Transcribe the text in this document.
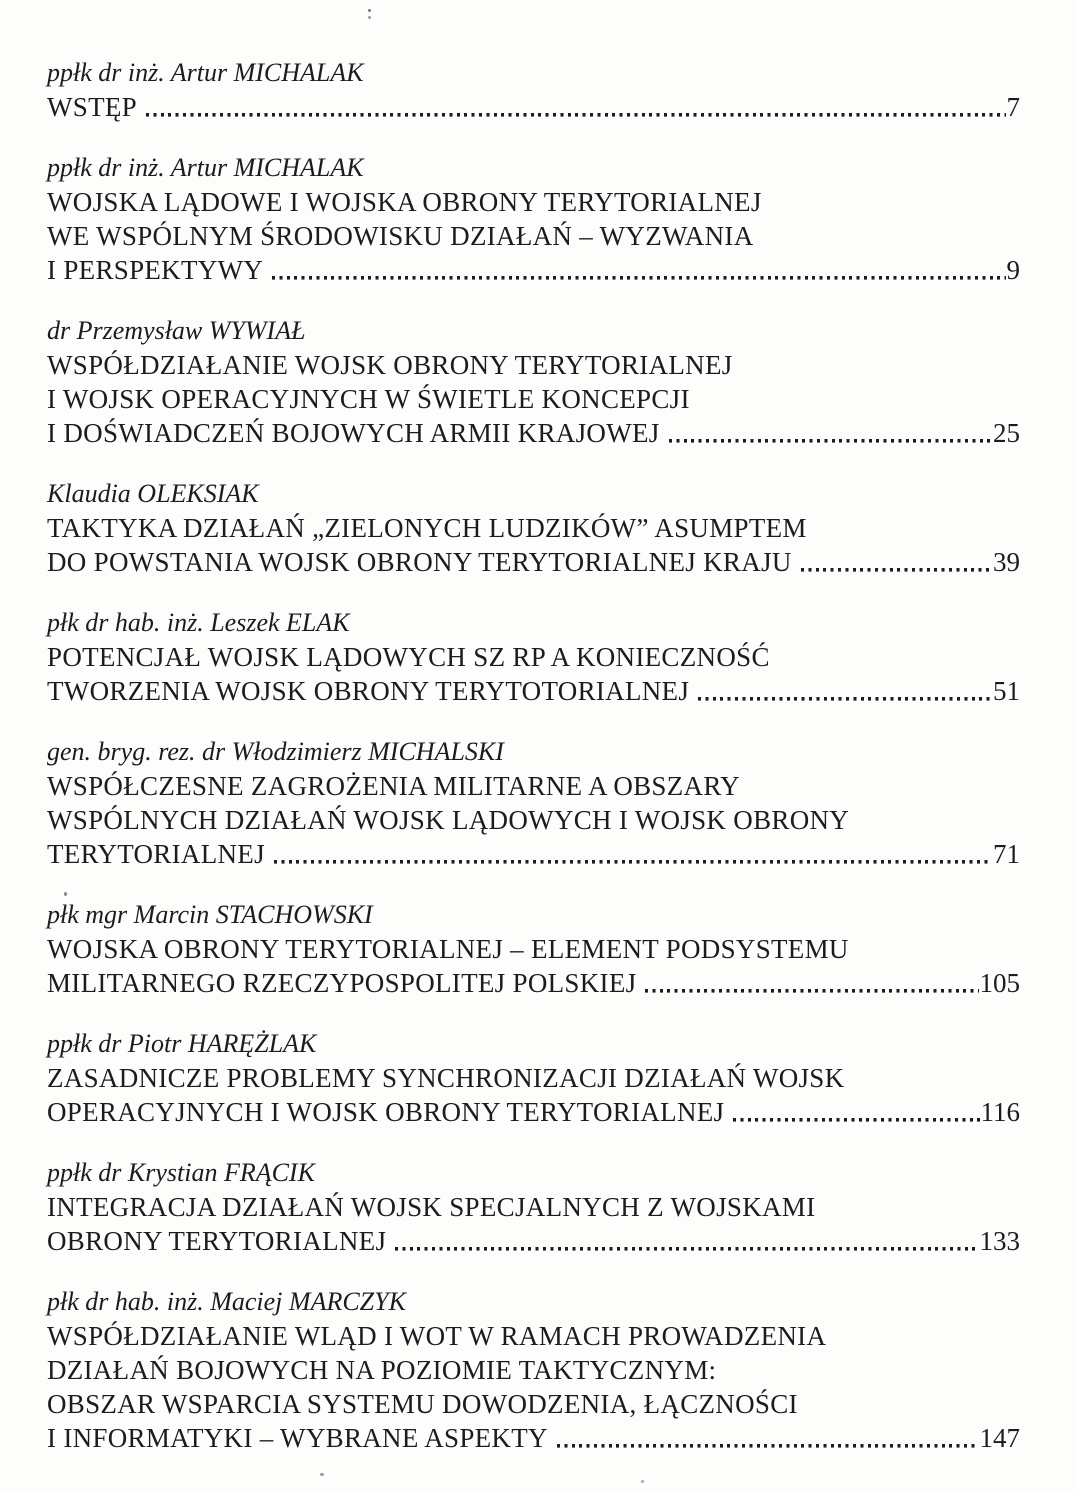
ppłk dr inż. Artur MICHALAK
WSTĘP	7
ppłk dr inż. Artur MICHALAK
WOJSKA LĄDOWE I WOJSKA OBRONY TERYTORIALNEJ
WE WSPÓLNYM ŚRODOWISKU DZIAŁAŃ – WYZWANIA
I PERSPEKTYWY	9
dr Przemysław WYWIAŁ
WSPÓŁDZIAŁANIE WOJSK OBRONY TERYTORIALNEJ
I WOJSK OPERACYJNYCH W ŚWIETLE KONCEPCJI
I DOŚWIADCZEŃ BOJOWYCH ARMII KRAJOWEJ	25
Klaudia OLEKSIAK
TAKTYKA DZIAŁAŃ „ZIELONYCH LUDZIKÓW” ASUMPTEM
DO POWSTANIA WOJSK OBRONY TERYTORIALNEJ KRAJU	39
płk dr hab. inż. Leszek ELAK
POTENCJAŁ WOJSK LĄDOWYCH SZ RP A KONIECZNOŚĆ
TWORZENIA WOJSK OBRONY TERYTOTORIALNEJ	51
gen. bryg. rez. dr Włodzimierz MICHALSKI
WSPÓŁCZESNE ZAGROŻENIA MILITARNE A OBSZARY
WSPÓLNYCH DZIAŁAŃ WOJSK LĄDOWYCH I WOJSK OBRONY
TERYTORIALNEJ	71
płk mgr Marcin STACHOWSKI
WOJSKA OBRONY TERYTORIALNEJ – ELEMENT PODSYSTEMU
MILITARNEGO RZECZYPOSPOLITEJ POLSKIEJ	105
ppłk dr Piotr HARĘŻLAK
ZASADNICZE PROBLEMY SYNCHRONIZACJI DZIAŁAŃ WOJSK
OPERACYJNYCH I WOJSK OBRONY TERYTORIALNEJ	116
ppłk dr Krystian FRĄCIK
INTEGRACJA DZIAŁAŃ WOJSK SPECJALNYCH Z WOJSKAMI
OBRONY TERYTORIALNEJ	133
płk dr hab. inż. Maciej MARCZYK
WSPÓŁDZIAŁANIE WLĄD I WOT W RAMACH PROWADZENIA
DZIAŁAŃ BOJOWYCH NA POZIOMIE TAKTYCZNYM:
OBSZAR WSPARCIA SYSTEMU DOWODZENIA, ŁĄCZNOŚCI
I INFORMATYKI – WYBRANE ASPEKTY	147
